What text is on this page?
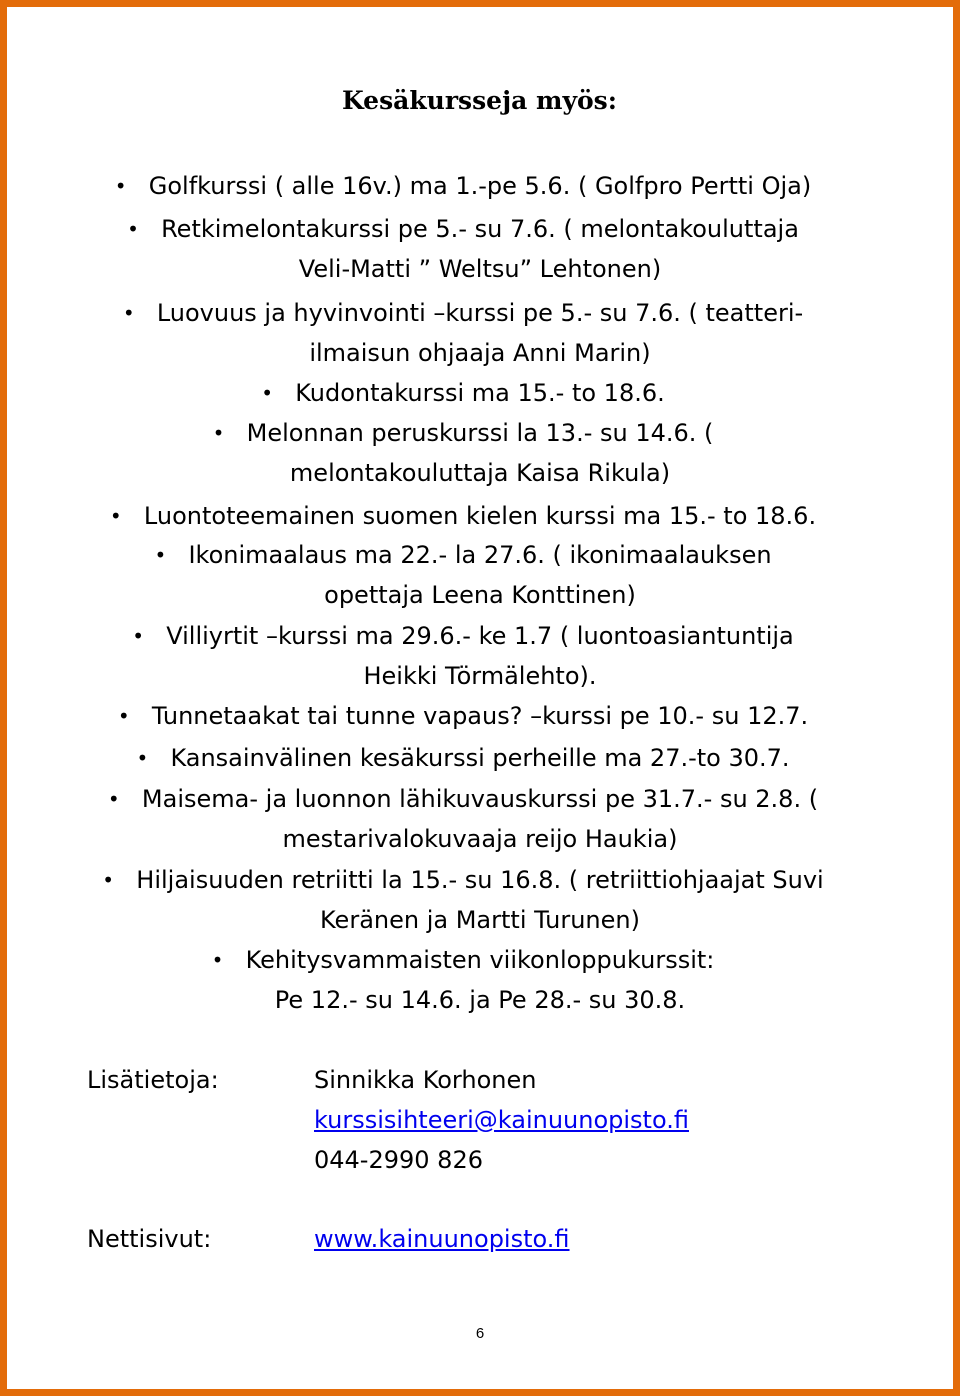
Kesäkursseja myös:
• Golfkurssi ( alle 16v.) ma 1.-pe 5.6. ( Golfpro Pertti Oja)
• Retkimelontakurssi pe 5.- su 7.6. ( melontakouluttaja
Veli-Matti ” Weltsu” Lehtonen)
• Luovuus ja hyvinvointi –kurssi pe 5.- su 7.6. ( teatteri-
ilmaisun ohjaaja Anni Marin)
• Kudontakurssi ma 15.- to 18.6.
• Melonnan peruskurssi la 13.- su 14.6. (
melontakouluttaja Kaisa Rikula)
• Luontoteemainen suomen kielen kurssi ma 15.- to 18.6.
• Ikonimaalaus ma 22.- la 27.6. ( ikonimaalauksen
opettaja Leena Konttinen)
• Villiyrtit –kurssi ma 29.6.- ke 1.7 ( luontoasiantuntija
Heikki Törmälehto).
• Tunnetaakat tai tunne vapaus? –kurssi pe 10.- su 12.7.
• Kansainvälinen kesäkurssi perheille ma 27.-to 30.7.
• Maisema- ja luonnon lähikuvauskurssi pe 31.7.- su 2.8. (
mestarivalokuvaaja reijo Haukia)
• Hiljaisuuden retriitti la 15.- su 16.8. ( retriittiohjaajat Suvi
Keränen ja Martti Turunen)
• Kehitysvammaisten viikonloppukurssit:
Pe 12.- su 14.6. ja Pe 28.- su 30.8.
Lisätietoja:	Sinnikka Korhonen
kurssisihteeri@kainuunopisto.fi
044-2990 826
Nettisivut:	www.kainuunopisto.fi
6
